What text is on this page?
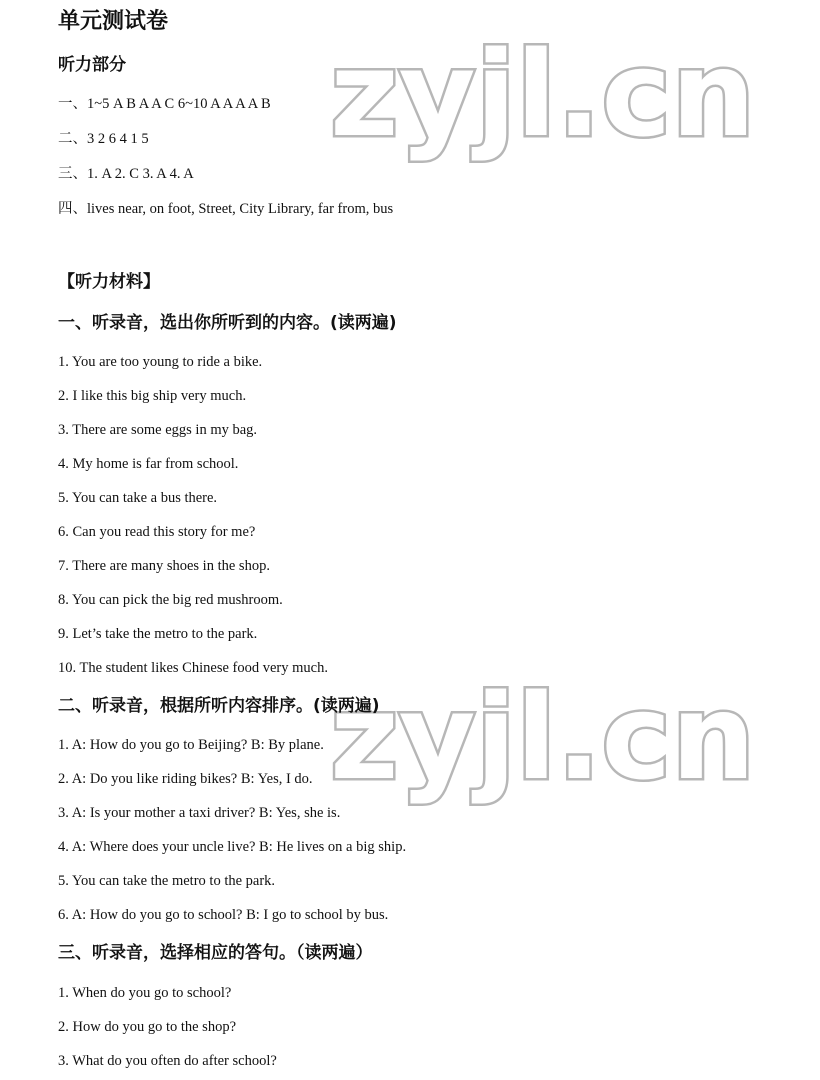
zyjl.cn
zyjl.cn
单元测试卷
听力部分
一、1~5 A B A A C 6~10 A A A A B
二、3 2 6 4 1 5
三、1. A 2. C 3. A 4. A
四、lives near, on foot, Street, City Library, far from, bus
【听力材料】
一、听录音，选出你所听到的内容。(读两遍)
1. You are too young to ride a bike.
2. I like this big ship very much.
3. There are some eggs in my bag.
4. My home is far from school.
5. You can take a bus there.
6. Can you read this story for me?
7. There are many shoes in the shop.
8. You can pick the big red mushroom.
9. Let’s take the metro to the park.
10. The student likes Chinese food very much.
二、听录音，根据所听内容排序。(读两遍)
1. A: How do you go to Beijing? B: By plane.
2. A: Do you like riding bikes? B: Yes, I do.
3. A: Is your mother a taxi driver? B: Yes, she is.
4. A: Where does your uncle live? B: He lives on a big ship.
5. You can take the metro to the park.
6. A: How do you go to school? B: I go to school by bus.
三、听录音，选择相应的答句。（读两遍）
1. When do you go to school?
2. How do you go to the shop?
3. What do you often do after school?
